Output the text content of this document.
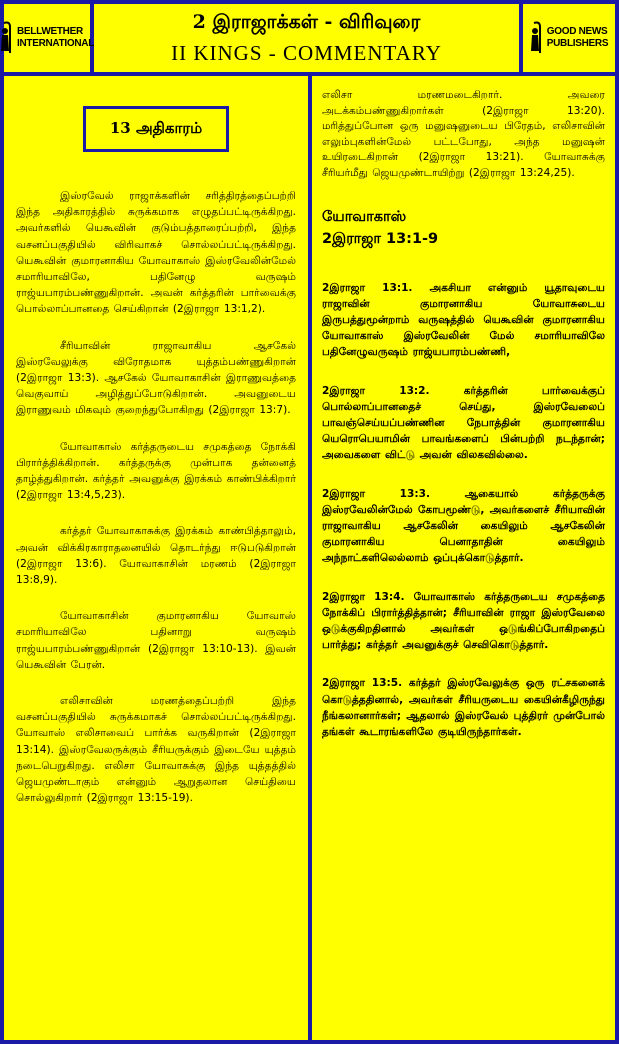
BELLWETHER
INTERNATIONAL
2 இராஜாக்கள் - விரிவுரை
II KINGS - COMMENTARY
GOOD NEWS
PUBLISHERS
13 அதிகாரம்

இஸ்ரவேல் ராஜாக்களின் சரித்திரத்தைப்பற்றி இந்த அதிகாரத்தில் சுருக்கமாக எழுதப்பட்டிருக்கிறது. அவர்களில் யெகூவின் குடும்பத்தாரைப்பற்றி, இந்த வசனப்பகுதியில் விரிவாகச் சொல்லப்பட்டிருக்கிறது. யெகூவின் குமாரனாகிய யோவாகாஸ் இஸ்ரவேலின்மேல் சமாரியாவிலே, பதினேழு வருஷம் ராஜ்யபாரம்பண்ணுகிறான். அவன் கர்த்தரின் பார்வைக்கு பொல்லாப்பானதை செய்கிறான் (2இராஜா 13:1,2).

சீரியாவின் ராஜாவாகிய ஆசகேல் இஸ்ரவேலுக்கு விரோதமாக யுத்தம்பண்ணுகிறான் (2இராஜா 13:3). ஆசகேல் யோவாகாசின் இராணுவத்தை வெகுவாய் அழித்துப்போடுகிறான். அவனுடைய இராணுவம் மிகவும் குறைந்துபோகிறது (2இராஜா 13:7).

யோவாகாஸ் கர்த்தருடைய சமுகத்தை நோக்கி பிரார்த்திக்கிறான். கர்த்தருக்கு முன்பாக தன்னைத் தாழ்த்துகிறான். கர்த்தர் அவனுக்கு இரக்கம் காண்பிக்கிறார் (2இராஜா 13:4,5,23).

கர்த்தர் யோவாகாசுக்கு இரக்கம் காண்பித்தாலும், அவன் விக்கிரகாராதனையில் தொடர்ந்து ஈடுபடுகிறான் (2இராஜா 13:6). யோவாகாசின் மரணம் (2இராஜா 13:8,9).

யோவாகாசின் குமாரனாகிய யோவாஸ் சமாரியாவிலே பதினாறு வருஷம் ராஜ்யபாரம்பண்ணுகிறான் (2இராஜா 13:10-13). இவன் யெகூவின் பேரன்.

எலிசாவின் மரணத்தைப்பற்றி இந்த வசனப்பகுதியில் சுருக்கமாகச் சொல்லப்பட்டிருக்கிறது. யோவாஸ் எலிசாவைப் பார்க்க வருகிறான் (2இராஜா 13:14). இஸ்ரவேலருக்கும் சீரியருக்கும் இடையே யுத்தம் நடைபெறுகிறது. எலிசா யோவாசுக்கு இந்த யுத்தத்தில் ஜெயமுண்டாகும் என்னும் ஆறுதலான செய்தியை சொல்லுகிறார் (2இராஜா 13:15-19).

எலிசா மரணமடைகிறார். அவரை அடக்கம்பண்ணுகிறார்கள் (2இராஜா 13:20). மரித்துப்போன ஒரு மனுஷனுடைய பிரேதம், எலிசாவின் எலும்புகளின்மேல் பட்டபோது, அந்த மனுஷன் உயிரடைகிறான் (2இராஜா 13:21). யோவாசுக்கு சீரியர்மீது ஜெயமுண்டாயிற்று (2இராஜா 13:24,25).

யோவாகாஸ்
2இராஜா 13:1-9

2இராஜா 13:1. அகசியா என்னும் யூதாவுடைய ராஜாவின் குமாரனாகிய யோவாசுடைய இருபத்துமூன்றாம் வருஷத்தில் யெகூவின் குமாரனாகிய யோவாகாஸ் இஸ்ரவேலின் மேல் சமாரியாவிலே பதினேழுவருஷம் ராஜ்யபாரம்பண்ணி,

2இராஜா 13:2. கர்த்தரின் பார்வைக்குப் பொல்லாப்பானதைச் செய்து, இஸ்ரவேலைப் பாவஞ்செய்யப்பண்ணின நேபாத்தின் குமாரனாகிய யெரொபெயாமின் பாவங்களைப் பின்பற்றி நடந்தான்; அவைகளை விட்டு அவன் விலகவில்லை.

2இராஜா 13:3. ஆகையால் கர்த்தருக்கு இஸ்ரவேலின்மேல் கோபமூண்டு, அவர்களைச் சீரியாவின் ராஜாவாகிய ஆசகேலின் கையிலும் ஆசகேலின் குமாரனாகிய பெனாதாதின் கையிலும் அந்நாட்களிலெல்லாம் ஒப்புக்கொடுத்தார்.

2இராஜா 13:4. யோவாகாஸ் கர்த்தருடைய சமுகத்தை நோக்கிப் பிரார்த்தித்தான்; சீரியாவின் ராஜா இஸ்ரவேலை ஒடுக்குகிறதினால் அவர்கள் ஒடுங்கிப்போகிறதைப் பார்த்து; கர்த்தர் அவனுக்குச் செவிகொடுத்தார்.

2இராஜா 13:5. கர்த்தர் இஸ்ரவேலுக்கு ஒரு ரட்சகனைக் கொடுத்ததினால், அவர்கள் சீரியருடைய கையின்கீழிருந்து நீங்கலானார்கள்; ஆதலால் இஸ்ரவேல் புத்திரர் முன்போல் தங்கள் கூடாரங்களிலே குடியிருந்தார்கள்.
